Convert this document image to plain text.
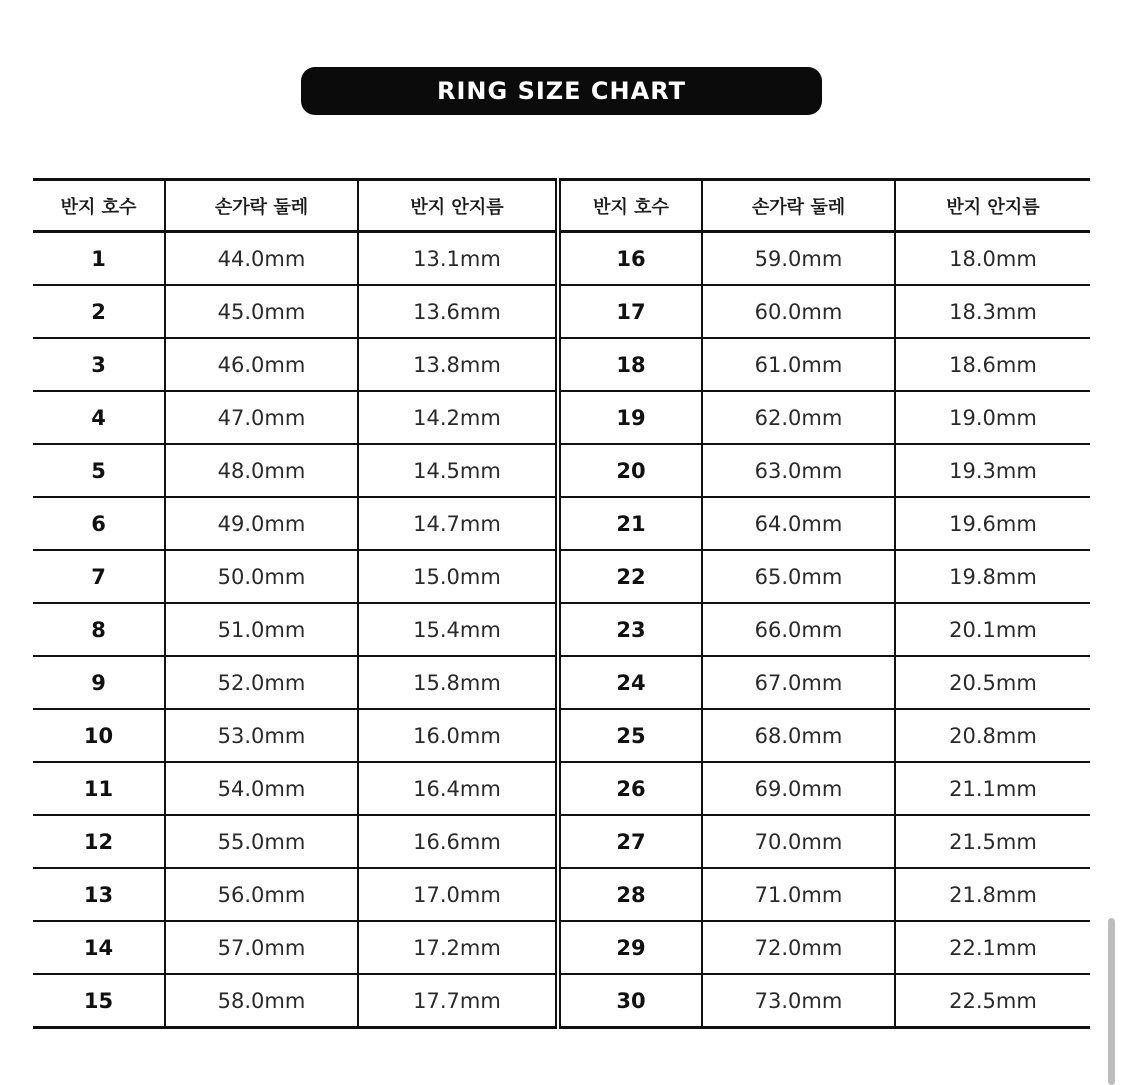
RING SIZE CHART
반지 호수	손가락 둘레	반지 안지름	반지 호수	손가락 둘레	반지 안지름
1	44.0mm	13.1mm	16	59.0mm	18.0mm
2	45.0mm	13.6mm	17	60.0mm	18.3mm
3	46.0mm	13.8mm	18	61.0mm	18.6mm
4	47.0mm	14.2mm	19	62.0mm	19.0mm
5	48.0mm	14.5mm	20	63.0mm	19.3mm
6	49.0mm	14.7mm	21	64.0mm	19.6mm
7	50.0mm	15.0mm	22	65.0mm	19.8mm
8	51.0mm	15.4mm	23	66.0mm	20.1mm
9	52.0mm	15.8mm	24	67.0mm	20.5mm
10	53.0mm	16.0mm	25	68.0mm	20.8mm
11	54.0mm	16.4mm	26	69.0mm	21.1mm
12	55.0mm	16.6mm	27	70.0mm	21.5mm
13	56.0mm	17.0mm	28	71.0mm	21.8mm
14	57.0mm	17.2mm	29	72.0mm	22.1mm
15	58.0mm	17.7mm	30	73.0mm	22.5mm
